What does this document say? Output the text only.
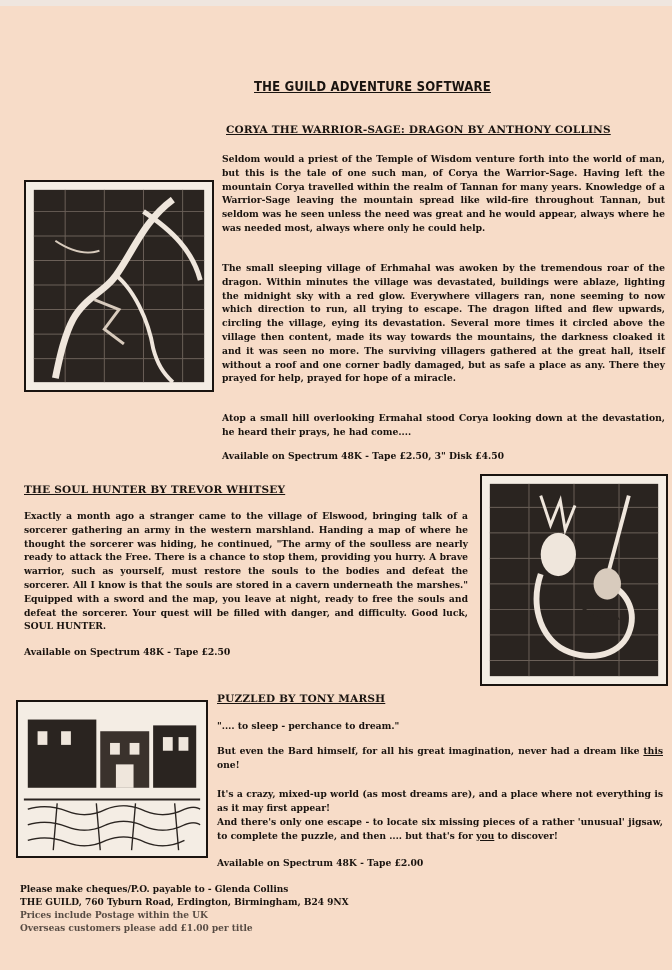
THE GUILD ADVENTURE SOFTWARE
CORYA THE WARRIOR-SAGE: DRAGON BY ANTHONY COLLINS

Seldom would a priest of the Temple of Wisdom venture forth into the world of man, but this is the tale of one such man, of Corya the Warrior-Sage. Having left the mountain Corya travelled within the realm of Tannan for many years. Knowledge of a Warrior-Sage leaving the mountain spread like wild-fire throughout Tannan, but seldom was he seen unless the need was great and he would appear, always where he was needed most, always where only he could help.

The small sleeping village of Erhmahal was awoken by the tremendous roar of the dragon. Within minutes the village was devastated, buildings were ablaze, lighting the midnight sky with a red glow. Everywhere villagers ran, none seeming to now which direction to run, all trying to escape. The dragon lifted and flew upwards, circling the village, eying its devastation. Several more times it circled above the village then content, made its way towards the mountains, the darkness cloaked it and it was seen no more. The surviving villagers gathered at the great hall, itself without a roof and one corner badly damaged, but as safe a place as any. There they prayed for help, prayed for hope of a miracle.

Atop a small hill overlooking Ermahal stood Corya looking down at the devastation, he heard their prays, he had come....

Available on Spectrum 48K - Tape £2.50, 3" Disk £4.50

THE SOUL HUNTER BY TREVOR WHITSEY

Exactly a month ago a stranger came to the village of Elswood, bringing talk of a sorcerer gathering an army in the western marshland. Handing a map of where he thought the sorcerer was hiding, he continued, "The army of the soulless are nearly ready to attack the Free. There is a chance to stop them, providing you hurry. A brave warrior, such as yourself, must restore the souls to the bodies and defeat the sorcerer. All I know is that the souls are stored in a cavern underneath the marshes." Equipped with a sword and the map, you leave at night, ready to free the souls and defeat the sorcerer. Your quest will be filled with danger, and difficulty. Good luck, SOUL HUNTER.

Available on Spectrum 48K - Tape £2.50

PUZZLED BY TONY MARSH

".... to sleep - perchance to dream."

But even the Bard himself, for all his great imagination, never had a dream like this one!

It's a crazy, mixed-up world (as most dreams are), and a place where not everything is as it may first appear!

And there's only one escape - to locate six missing pieces of a rather 'unusual' jigsaw, to complete the puzzle, and then .... but that's for you to discover!

Available on Spectrum 48K - Tape £2.00

Please make cheques/P.O. payable to - Glenda Collins

THE GUILD, 760 Tyburn Road, Erdington, Birmingham, B24 9NX

Prices include Postage within the UK

Overseas customers please add £1.00 per title
